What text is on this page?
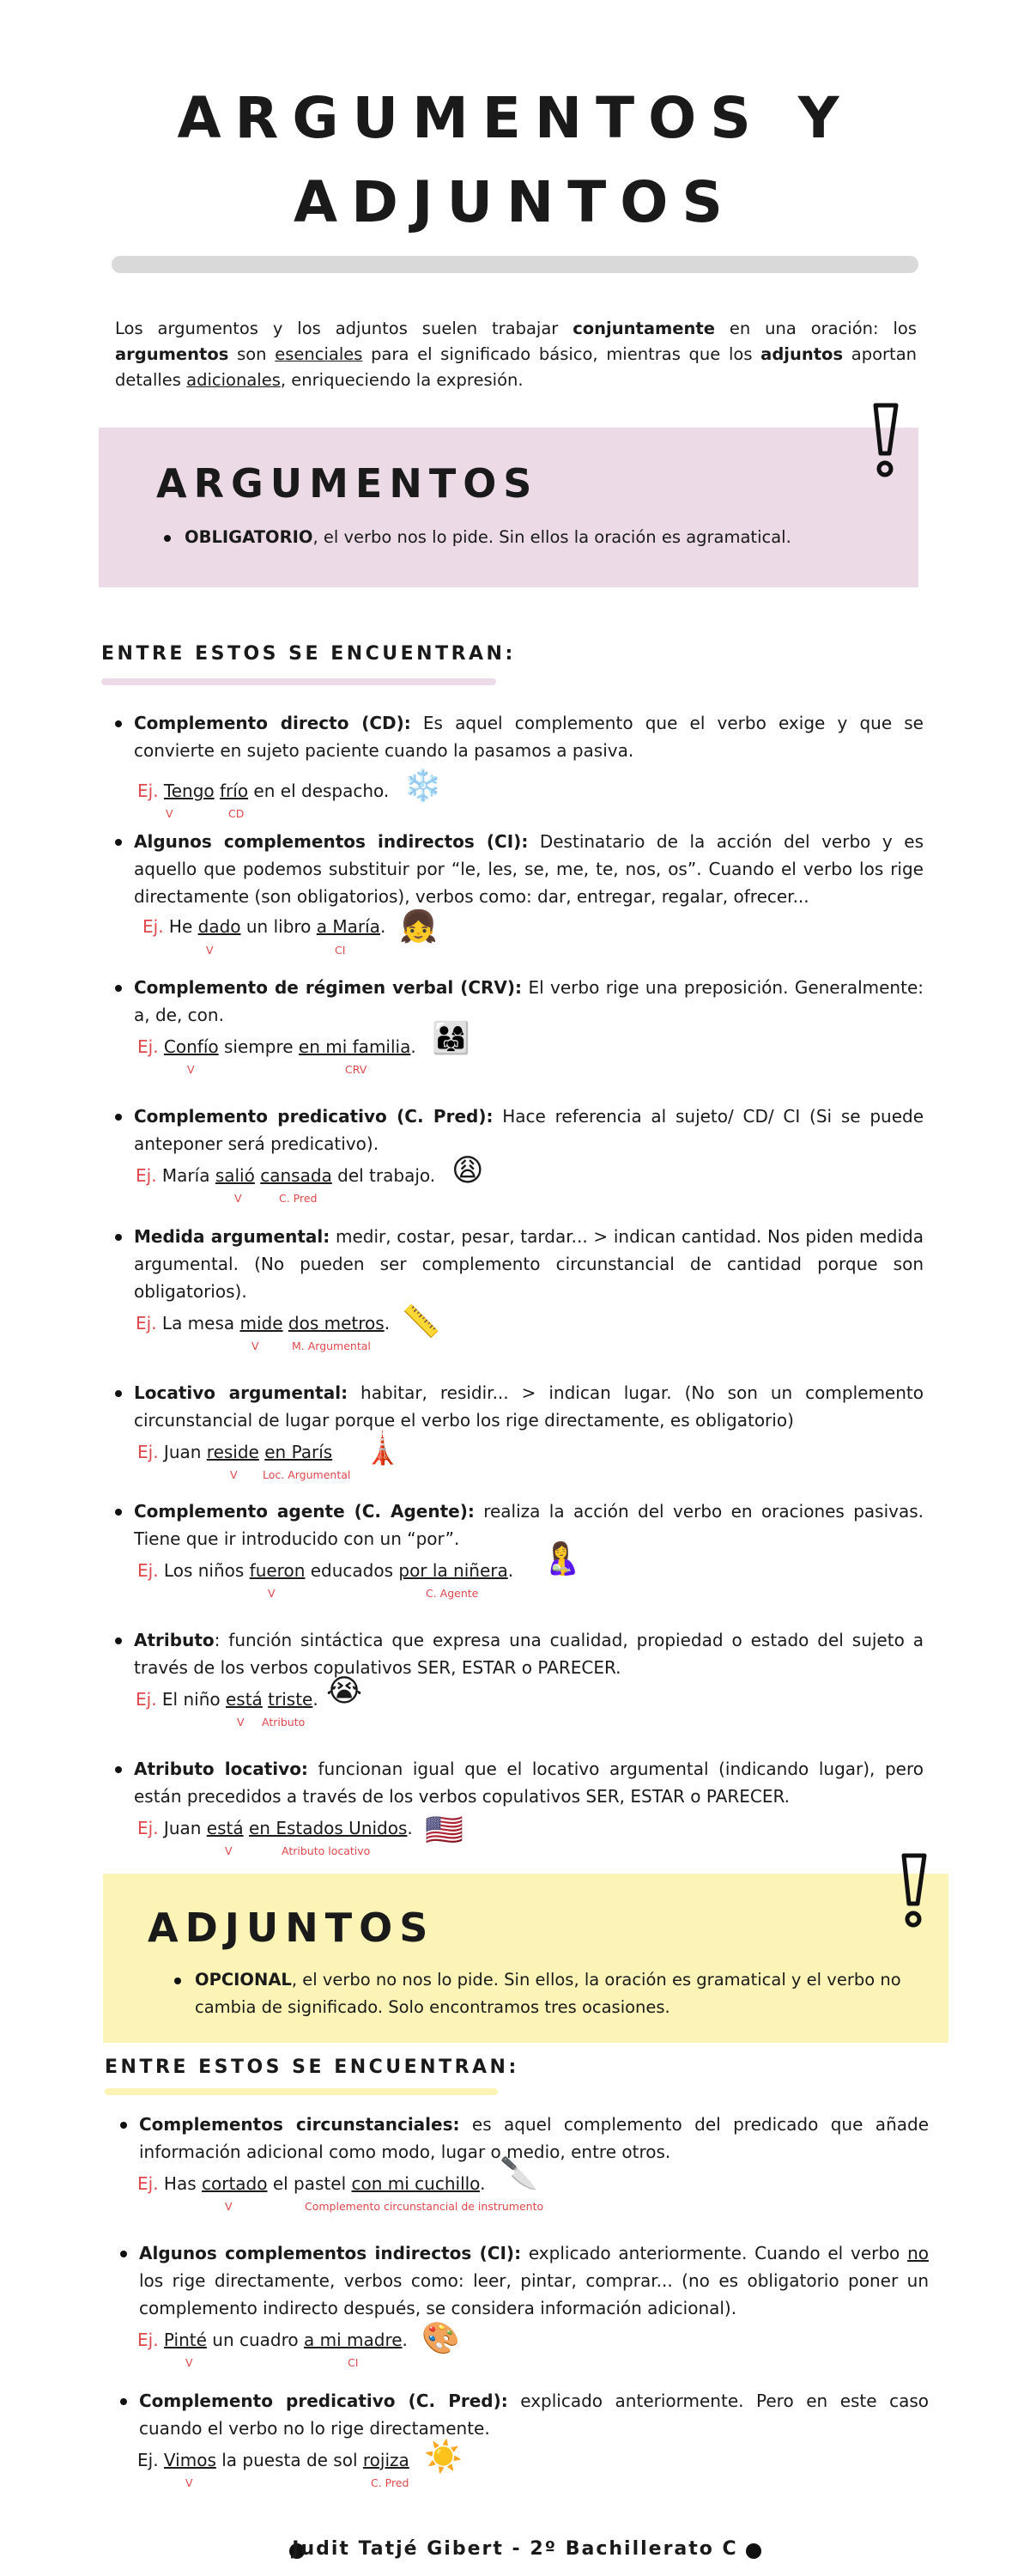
ARGUMENTOS Y
ADJUNTOS
Los argumentos y los adjuntos suelen trabajar conjuntamente en una oración: los argumentos son esenciales para el significado básico, mientras que los adjuntos aportan detalles adicionales, enriqueciendo la expresión.
ARGUMENTOS
OBLIGATORIO, el verbo nos lo pide. Sin ellos la oración es agramatical.
ENTRE ESTOS SE ENCUENTRAN:
Complemento directo (CD): Es aquel complemento que el verbo exige y que se convierte en sujeto paciente cuando la pasamos a pasiva.
Ej. Tengo frío en el despacho.
V	CD
❄️
Algunos complementos indirectos (CI): Destinatario de la acción del verbo y es aquello que podemos substituir por “le, les, se, me, te, nos, os”. Cuando el verbo los rige directamente (son obligatorios), verbos como: dar, entregar, regalar, ofrecer...
Ej. He dado un libro a María.
V	CI
👧
Complemento de régimen verbal (CRV): El verbo rige una preposición. Generalmente: a, de, con.
Ej. Confío siempre en mi familia.
V	CRV
👨‍👩‍👧
Complemento predicativo (C. Pred): Hace referencia al sujeto/ CD/ CI (Si se puede anteponer será predicativo).
Ej. María salió cansada del trabajo.
V	C. Pred
😩
Medida argumental: medir, costar, pesar, tardar... > indican cantidad. Nos piden medida argumental. (No pueden ser complemento circunstancial de cantidad porque son obligatorios).
Ej. La mesa mide dos metros.
V	M. Argumental
📏
Locativo argumental: habitar, residir... > indican lugar. (No son un complemento circunstancial de lugar porque el verbo los rige directamente, es obligatorio)
Ej. Juan reside en París
V Loc. Argumental
🗼
Complemento agente (C. Agente): realiza la acción del verbo en oraciones pasivas. Tiene que ir introducido con un “por”.
Ej. Los niños fueron educados por la niñera.
V	C. Agente
🤱
Atributo: función sintáctica que expresa una cualidad, propiedad o estado del sujeto a través de los verbos copulativos SER, ESTAR o PARECER.
Ej. El niño está triste.
V Atributo
😭
Atributo locativo: funcionan igual que el locativo argumental (indicando lugar), pero están precedidos a través de los verbos copulativos SER, ESTAR o PARECER.
Ej. Juan está en Estados Unidos.
V	Atributo locativo
🇺🇸
ADJUNTOS
OPCIONAL, el verbo no nos lo pide. Sin ellos, la oración es gramatical y el verbo no cambia de significado. Solo encontramos tres ocasiones.
ENTRE ESTOS SE ENCUENTRAN:
Complementos circunstanciales: es aquel complemento del predicado que añade información adicional como modo, lugar o medio, entre otros.
Ej. Has cortado el pastel con mi cuchillo.
V	Complemento circunstancial de instrumento
🔪
Algunos complementos indirectos (CI): explicado anteriormente. Cuando el verbo no los rige directamente, verbos como: leer, pintar, comprar... (no es obligatorio poner un complemento indirecto después, se considera información adicional).
Ej. Pinté un cuadro a mi madre.
V	CI
🎨
Complemento predicativo (C. Pred): explicado anteriormente. Pero en este caso cuando el verbo no lo rige directamente.
Ej. Vimos la puesta de sol rojiza
V	C. Pred
☀️
Judit Tatjé Gibert - 2º Bachillerato C
